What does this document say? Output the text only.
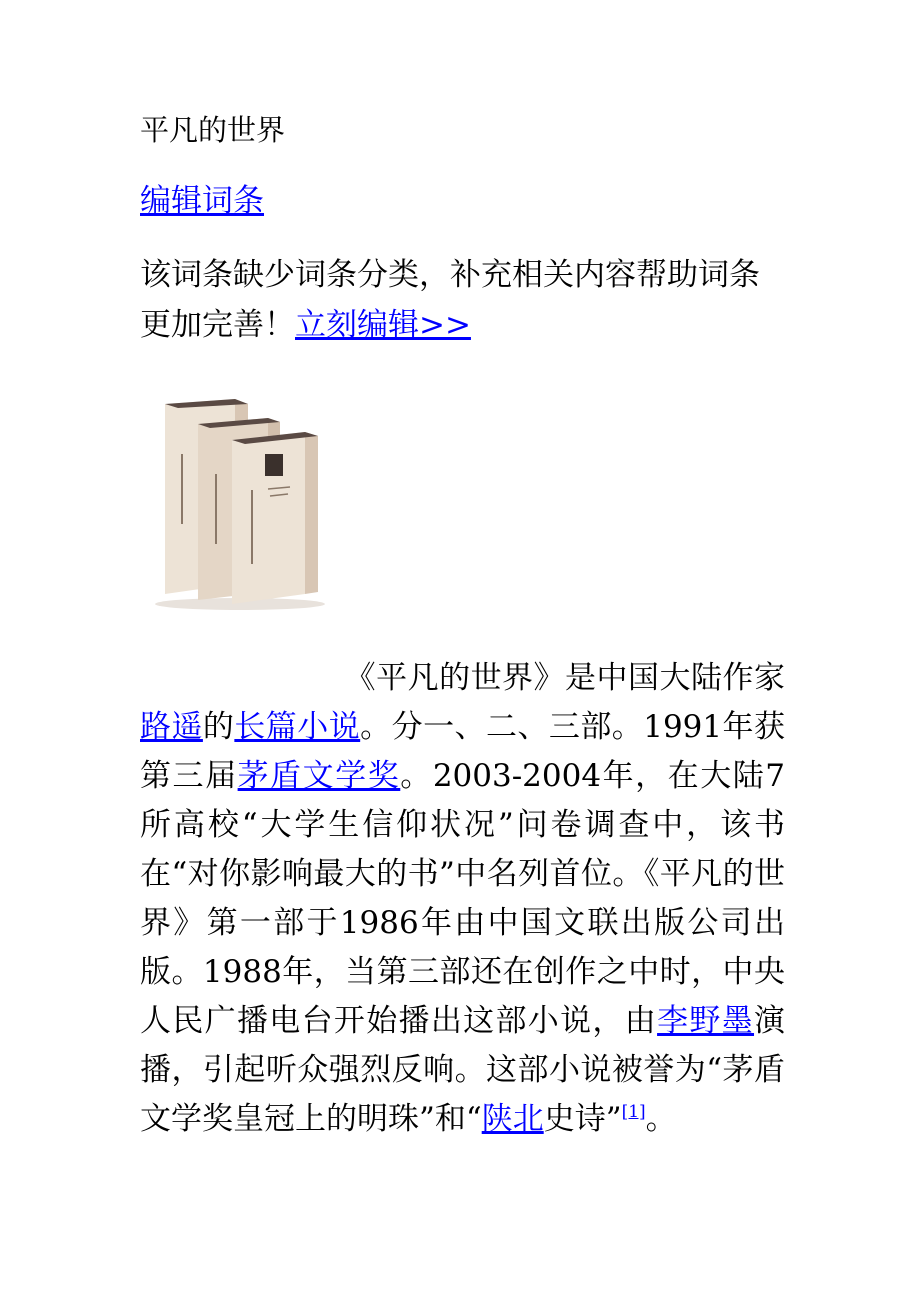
平凡的世界
编辑词条
该词条缺少词条分类，补充相关内容帮助词条更加完善！立刻编辑>>
平凡的世界

《平凡的世界》是中国大陆作家路遥的长篇小说。分一、二、三部。1991年获第三届茅盾文学奖。2003-2004年，在大陆7所高校“大学生信仰状况”问卷调查中，该书在“对你影响最大的书”中名列首位。《平凡的世界》第一部于1986年由中国文联出版公司出版。1988年，当第三部还在创作之中时，中央人民广播电台开始播出这部小说，由李野墨演播，引起听众强烈反响。这部小说被誉为“茅盾文学奖皇冠上的明珠”和“陕北史诗”[1]。
